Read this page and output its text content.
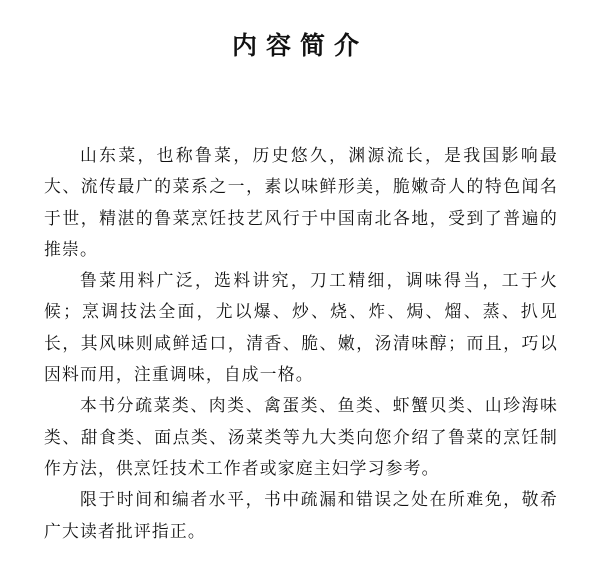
内容简介

山东菜，也称鲁菜，历史悠久，渊源流长，是我国影响最大、流传最广的菜系之一，素以味鲜形美，脆嫩奇人的特色闻名于世，精湛的鲁菜烹饪技艺风行于中国南北各地，受到了普遍的推崇。

鲁菜用料广泛，选料讲究，刀工精细，调味得当，工于火候；烹调技法全面，尤以爆、炒、烧、炸、焗、熘、蒸、扒见长，其风味则咸鲜适口，清香、脆、嫩，汤清味醇；而且，巧以因料而用，注重调味，自成一格。

本书分疏菜类、肉类、禽蛋类、鱼类、虾蟹贝类、山珍海味类、甜食类、面点类、汤菜类等九大类向您介绍了鲁菜的烹饪制作方法，供烹饪技术工作者或家庭主妇学习参考。

限于时间和编者水平，书中疏漏和错误之处在所难免，敬希广大读者批评指正。
